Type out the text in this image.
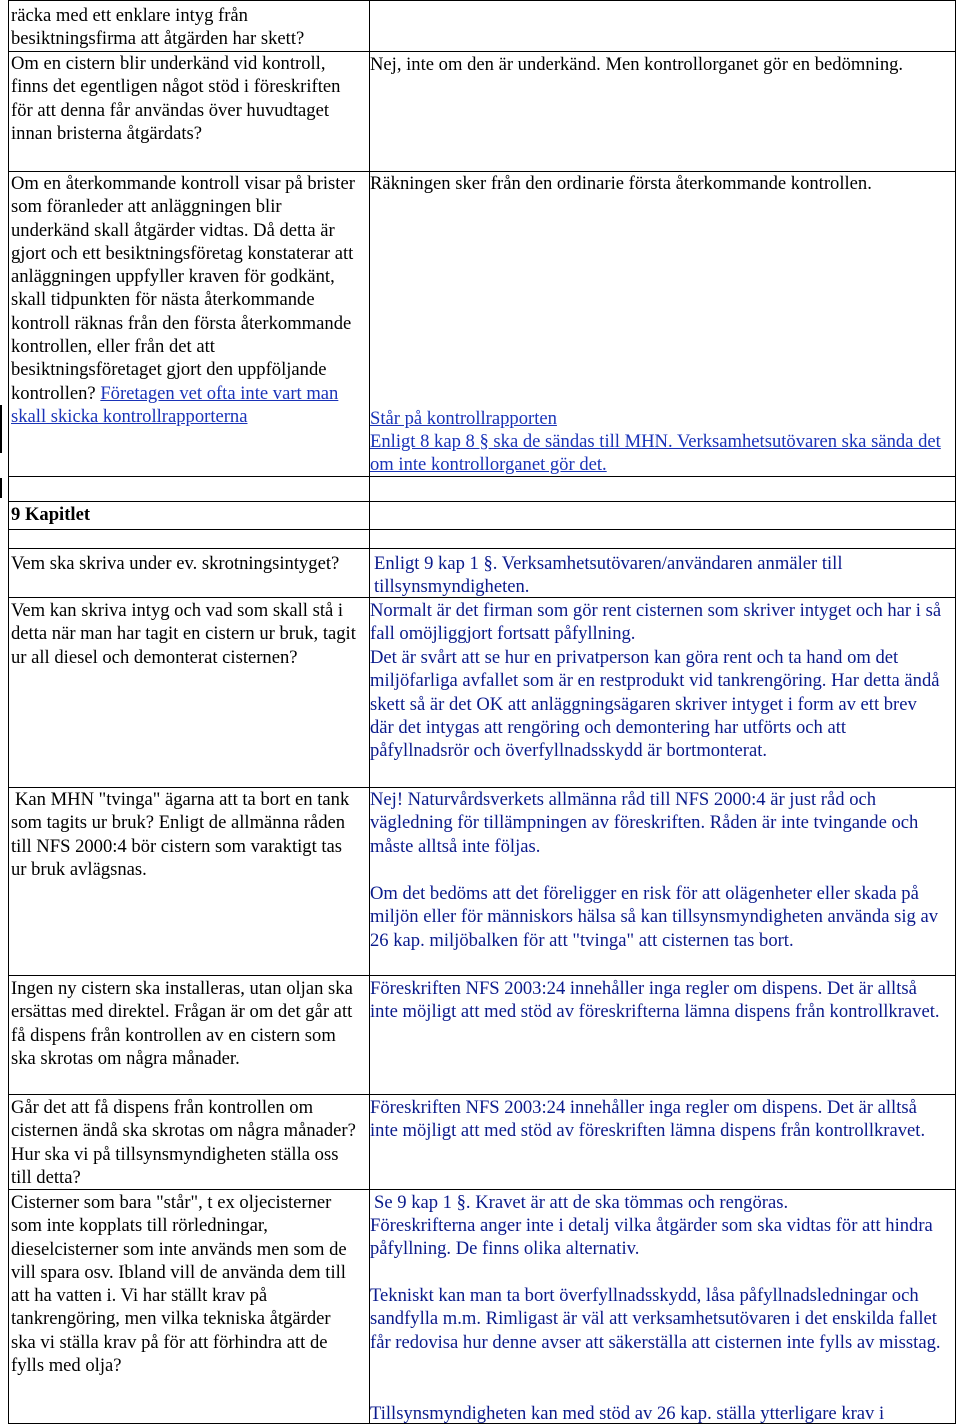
räcka med ett enklare intyg från besiktningsfirma att åtgärden har skett?
Om en cistern blir underkänd vid kontroll, finns det egentligen något stöd i föreskriften för att denna får användas över huvudtaget innan bristerna åtgärdats?
Nej, inte om den är underkänd. Men kontrollorganet gör en bedömning.
Om en återkommande kontroll visar på brister som föranleder att anläggningen blir underkänd skall åtgärder vidtas. Då detta är gjort och ett besiktningsföretag konstaterar att anläggningen uppfyller kraven för godkänt, skall tidpunkten för nästa återkommande kontroll räknas från den första återkommande kontrollen, eller från det att besiktningsföretaget gjort den uppföljande kontrollen? Företagen vet ofta inte vart man skall skicka kontrollrapporterna
Räkningen sker från den ordinarie första återkommande kontrollen.
Står på kontrollrapporten
Enligt 8 kap 8 § ska de sändas till MHN. Verksamhetsutövaren ska sända det om inte kontrollorganet gör det.
9 Kapitlet
Vem ska skriva under ev. skrotningsintyget?	Enligt 9 kap 1 §. Verksamhetsutövaren/användaren anmäler till tillsynsmyndigheten.
Vem kan skriva intyg och vad som skall stå i detta när man har tagit en cistern ur bruk, tagit ur all diesel och demonterat cisternen?
Normalt är det firman som gör rent cisternen som skriver intyget och har i så fall omöjliggjort fortsatt påfyllning.
Det är svårt att se hur en privatperson kan göra rent och ta hand om det miljöfarliga avfallet som är en restprodukt vid tankrengöring. Har detta ändå skett så är det OK att anläggningsägaren skriver intyget i form av ett brev där det intygas att rengöring och demontering har utförts och att påfyllnadsrör och överfyllnadsskydd är bortmonterat.
Kan MHN "tvinga" ägarna att ta bort en tank som tagits ur bruk? Enligt de allmänna råden till NFS 2000:4 bör cistern som varaktigt tas ur bruk avlägsnas.
Nej! Naturvårdsverkets allmänna råd till NFS 2000:4 är just råd och vägledning för tillämpningen av föreskriften. Råden är inte tvingande och måste alltså inte följas.
Om det bedöms att det föreligger en risk för att olägenheter eller skada på miljön eller för människors hälsa så kan tillsynsmyndigheten använda sig av 26 kap. miljöbalken för att "tvinga" att cisternen tas bort.
Ingen ny cistern ska installeras, utan oljan ska ersättas med direktel. Frågan är om det går att få dispens från kontrollen av en cistern som ska skrotas om några månader.
Föreskriften NFS 2003:24 innehåller inga regler om dispens. Det är alltså inte möjligt att med stöd av föreskrifterna lämna dispens från kontrollkravet.
Går det att få dispens från kontrollen om cisternen ändå ska skrotas om några månader? Hur ska vi på tillsynsmyndigheten ställa oss till detta?
Föreskriften NFS 2003:24 innehåller inga regler om dispens. Det är alltså inte möjligt att med stöd av föreskriften lämna dispens från kontrollkravet.
Cisterner som bara "står", t ex oljecisterner som inte kopplats till rörledningar, dieselcisterner som inte används men som de vill spara osv. Ibland vill de använda dem till att ha vatten i. Vi har ställt krav på tankrengöring, men vilka tekniska åtgärder ska vi ställa krav på för att förhindra att de fylls med olja?
Se 9 kap 1 §. Kravet är att de ska tömmas och rengöras.
Föreskrifterna anger inte i detalj vilka åtgärder som ska vidtas för att hindra påfyllning. De finns olika alternativ.
Tekniskt kan man ta bort överfyllnadsskydd, låsa påfyllnadsledningar och sandfylla m.m. Rimligast är väl att verksamhetsutövaren i det enskilda fallet får redovisa hur denne avser att säkerställa att cisternen inte fylls av misstag.
Tillsynsmyndigheten kan med stöd av 26 kap. ställa ytterligare krav i
